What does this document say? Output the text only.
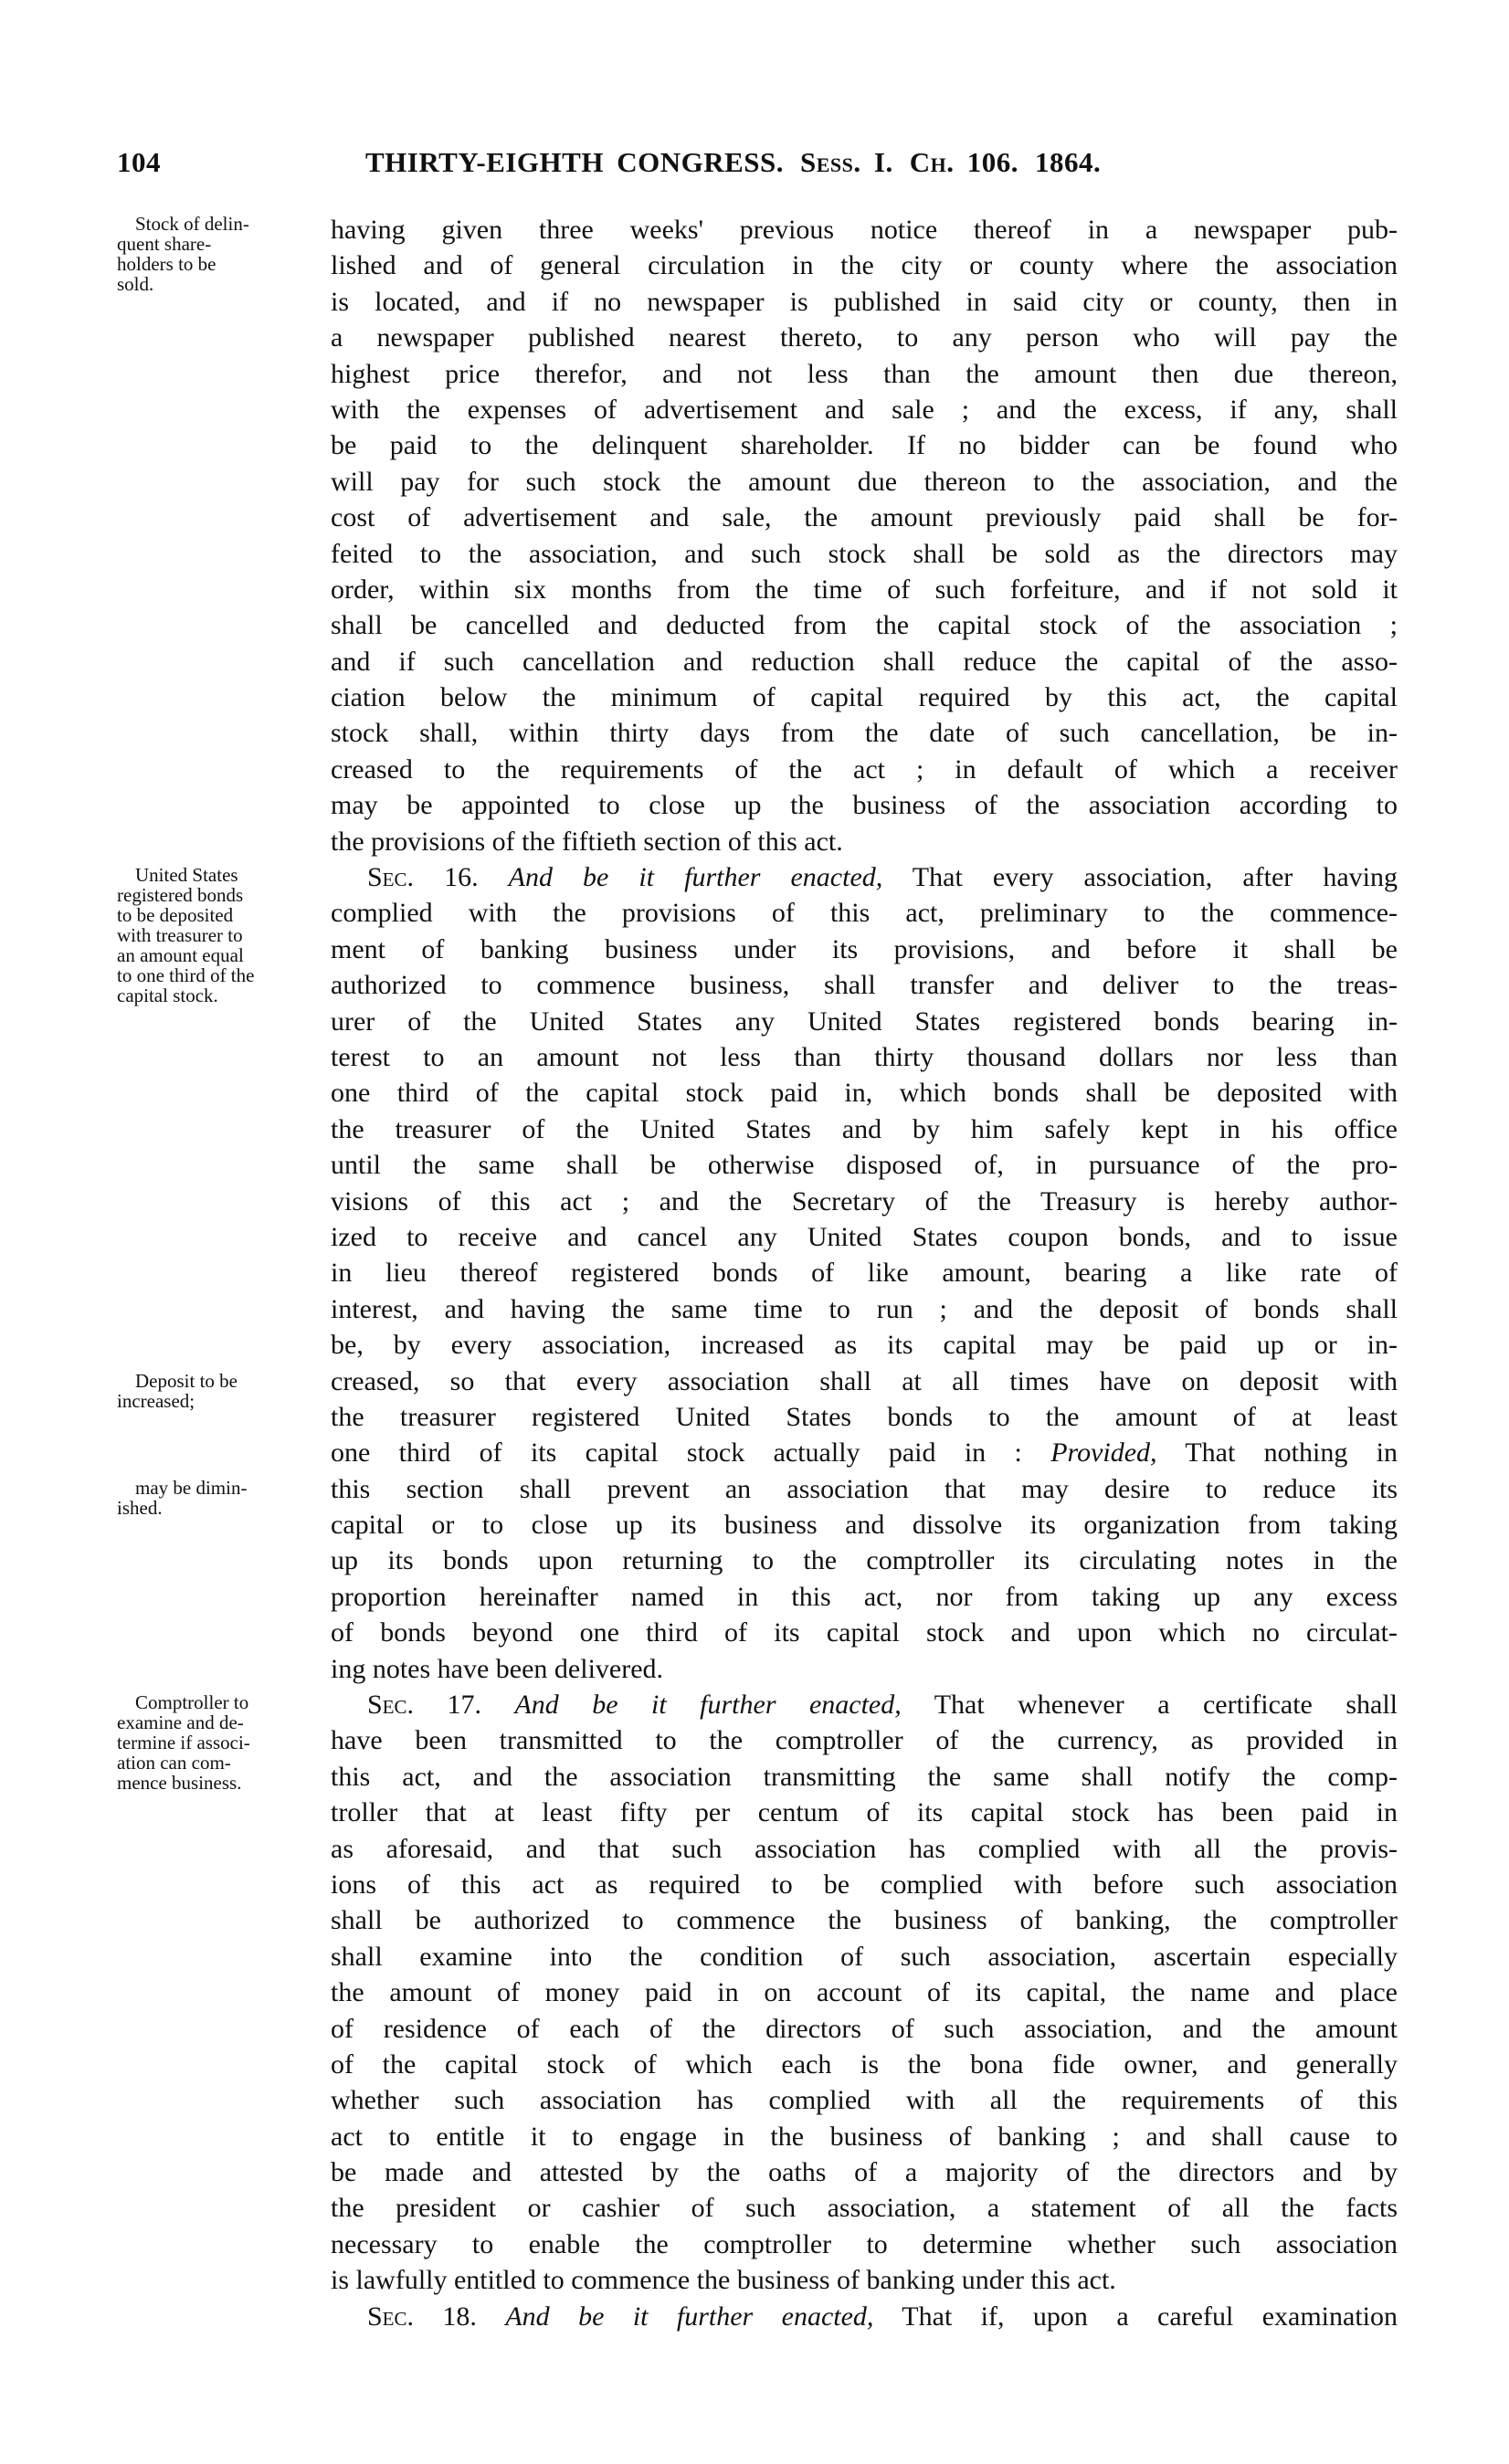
104	THIRTY-EIGHTH CONGRESS. Sess. I. Ch. 106. 1864.
Stock of delin-
quent share-
holders to be
sold.
having given three weeks' previous notice thereof in a newspaper pub-
lished and of general circulation in the city or county where the association
is located, and if no newspaper is published in said city or county, then in
a newspaper published nearest thereto, to any person who will pay the
highest price therefor, and not less than the amount then due thereon,
with the expenses of advertisement and sale ; and the excess, if any, shall
be paid to the delinquent shareholder. If no bidder can be found who
will pay for such stock the amount due thereon to the association, and the
cost of advertisement and sale, the amount previously paid shall be for-
feited to the association, and such stock shall be sold as the directors may
order, within six months from the time of such forfeiture, and if not sold it
shall be cancelled and deducted from the capital stock of the association ;
and if such cancellation and reduction shall reduce the capital of the asso-
ciation below the minimum of capital required by this act, the capital
stock shall, within thirty days from the date of such cancellation, be in-
creased to the requirements of the act ; in default of which a receiver
may be appointed to close up the business of the association according to
the provisions of the fiftieth section of this act.
United States
registered bonds
to be deposited
with treasurer to
an amount equal
to one third of the
capital stock.
Deposit to be
increased;
may be dimin-
ished.
Sec. 16. And be it further enacted, That every association, after having
complied with the provisions of this act, preliminary to the commence-
ment of banking business under its provisions, and before it shall be
authorized to commence business, shall transfer and deliver to the treas-
urer of the United States any United States registered bonds bearing in-
terest to an amount not less than thirty thousand dollars nor less than
one third of the capital stock paid in, which bonds shall be deposited with
the treasurer of the United States and by him safely kept in his office
until the same shall be otherwise disposed of, in pursuance of the pro-
visions of this act ; and the Secretary of the Treasury is hereby author-
ized to receive and cancel any United States coupon bonds, and to issue
in lieu thereof registered bonds of like amount, bearing a like rate of
interest, and having the same time to run ; and the deposit of bonds shall
be, by every association, increased as its capital may be paid up or in-
creased, so that every association shall at all times have on deposit with
the treasurer registered United States bonds to the amount of at least
one third of its capital stock actually paid in : Provided, That nothing in
this section shall prevent an association that may desire to reduce its
capital or to close up its business and dissolve its organization from taking
up its bonds upon returning to the comptroller its circulating notes in the
proportion hereinafter named in this act, nor from taking up any excess
of bonds beyond one third of its capital stock and upon which no circulat-
ing notes have been delivered.
Comptroller to
examine and de-
termine if associ-
ation can com-
mence business.
Sec. 17. And be it further enacted, That whenever a certificate shall
have been transmitted to the comptroller of the currency, as provided in
this act, and the association transmitting the same shall notify the comp-
troller that at least fifty per centum of its capital stock has been paid in
as aforesaid, and that such association has complied with all the provis-
ions of this act as required to be complied with before such association
shall be authorized to commence the business of banking, the comptroller
shall examine into the condition of such association, ascertain especially
the amount of money paid in on account of its capital, the name and place
of residence of each of the directors of such association, and the amount
of the capital stock of which each is the bona fide owner, and generally
whether such association has complied with all the requirements of this
act to entitle it to engage in the business of banking ; and shall cause to
be made and attested by the oaths of a majority of the directors and by
the president or cashier of such association, a statement of all the facts
necessary to enable the comptroller to determine whether such association
is lawfully entitled to commence the business of banking under this act.
Sec. 18. And be it further enacted, That if, upon a careful examination
